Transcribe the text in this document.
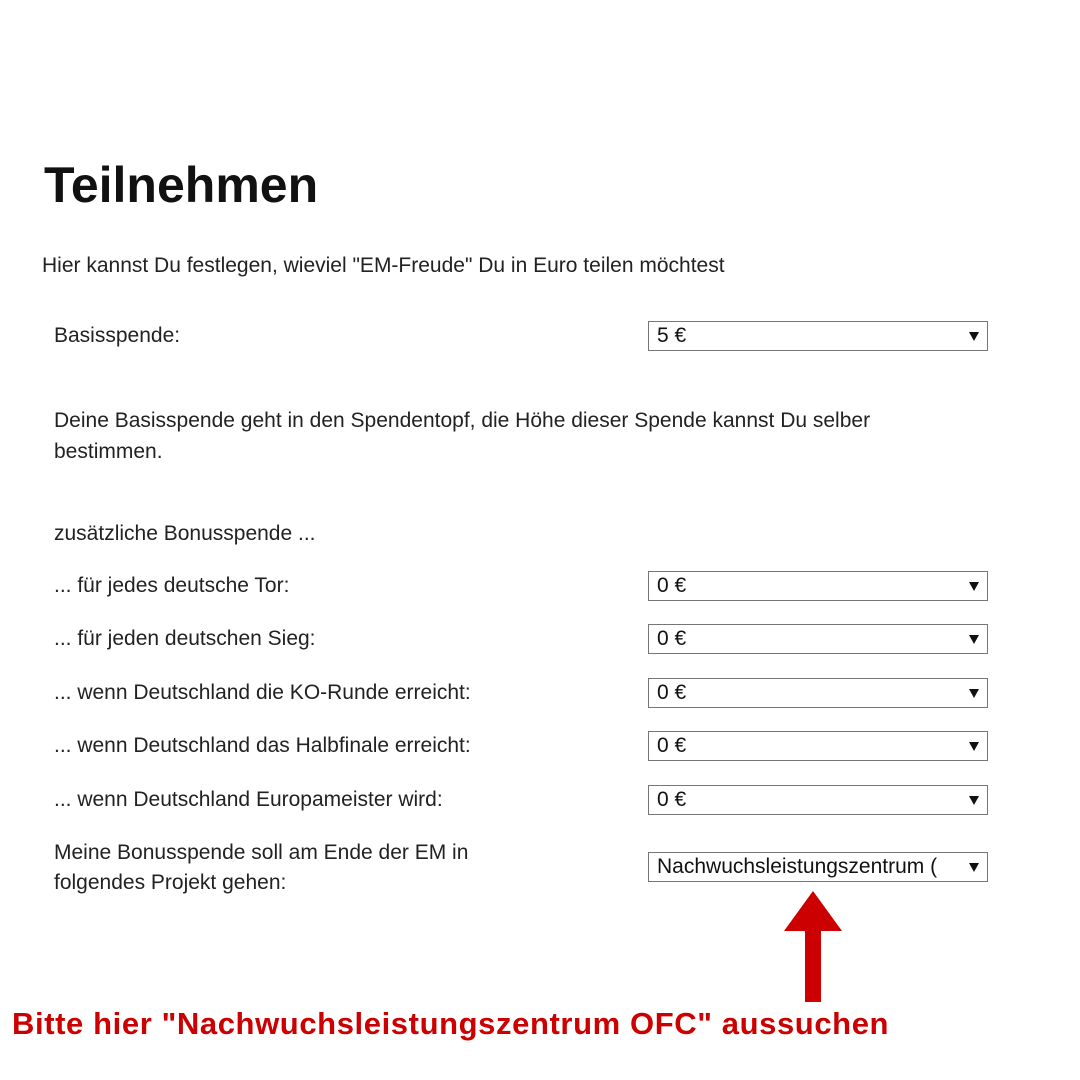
Teilnehmen
Hier kannst Du festlegen, wieviel "EM-Freude" Du in Euro teilen möchtest
Basisspende:	5 €
Deine Basisspende geht in den Spendentopf, die Höhe dieser Spende kannst Du selber bestimmen.
zusätzliche Bonusspende ...
... für jedes deutsche Tor:	0 €
... für jeden deutschen Sieg:	0 €
... wenn Deutschland die KO-Runde erreicht:	0 €
... wenn Deutschland das Halbfinale erreicht:	0 €
... wenn Deutschland Europameister wird:	0 €
Meine Bonusspende soll am Ende der EM in folgendes Projekt gehen:
Nachwuchsleistungszentrum (
Bitte hier "Nachwuchsleistungszentrum OFC" aussuchen
